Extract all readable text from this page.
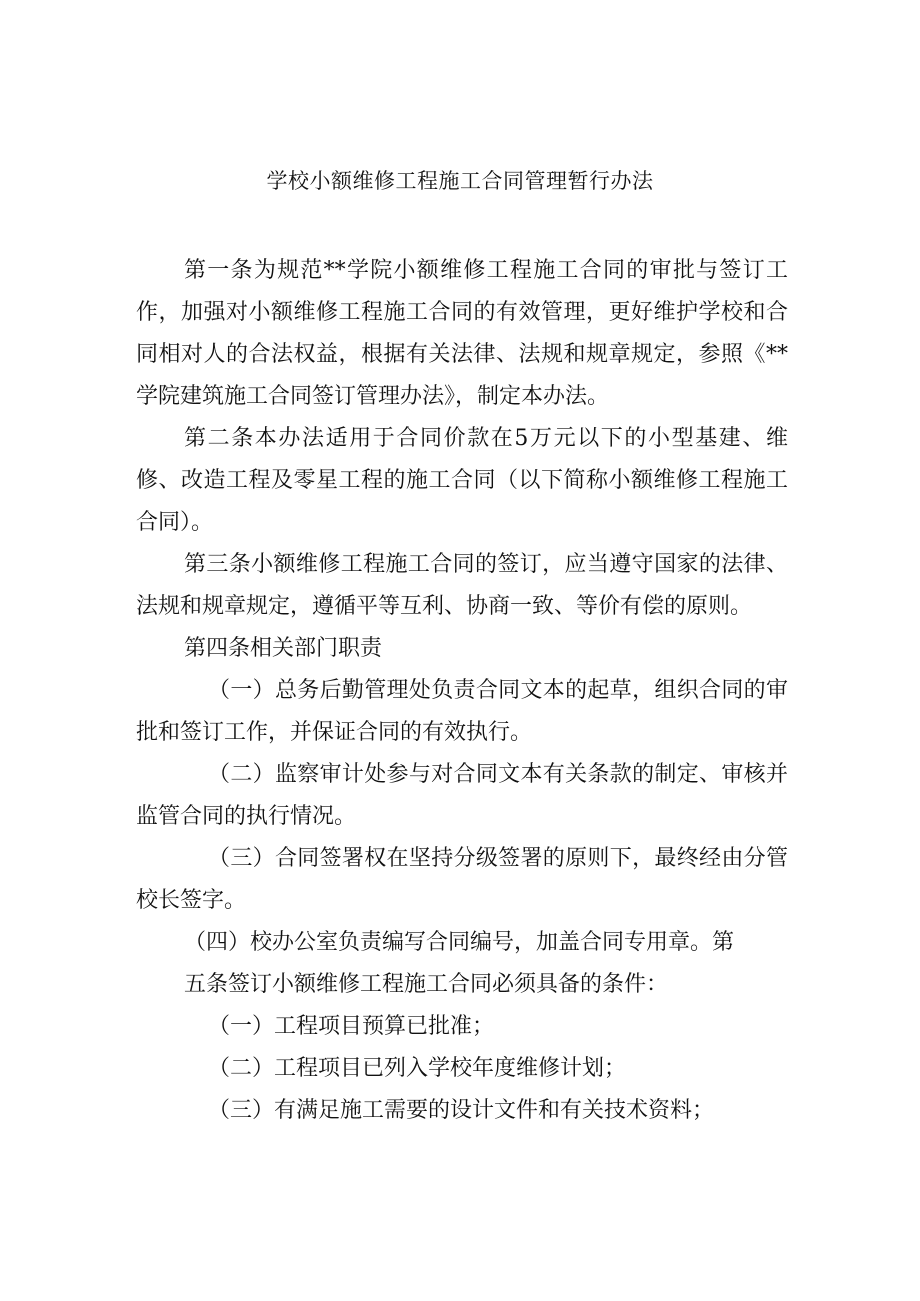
学校小额维修工程施工合同管理暂行办法

第一条为规范**学院小额维修工程施工合同的审批与签订工作，加强对小额维修工程施工合同的有效管理，更好维护学校和合同相对人的合法权益，根据有关法律、法规和规章规定，参照《**学院建筑施工合同签订管理办法》，制定本办法。

第二条本办法适用于合同价款在5万元以下的小型基建、维修、改造工程及零星工程的施工合同（以下简称小额维修工程施工合同）。

第三条小额维修工程施工合同的签订，应当遵守国家的法律、法规和规章规定，遵循平等互利、协商一致、等价有偿的原则。

第四条相关部门职责

（一）总务后勤管理处负责合同文本的起草，组织合同的审批和签订工作，并保证合同的有效执行。

（二）监察审计处参与对合同文本有关条款的制定、审核并监管合同的执行情况。

（三）合同签署权在坚持分级签署的原则下，最终经由分管校长签字。

（四）校办公室负责编写合同编号，加盖合同专用章。第

五条签订小额维修工程施工合同必须具备的条件：

（一）工程项目预算已批准；

（二）工程项目已列入学校年度维修计划；

（三）有满足施工需要的设计文件和有关技术资料；
